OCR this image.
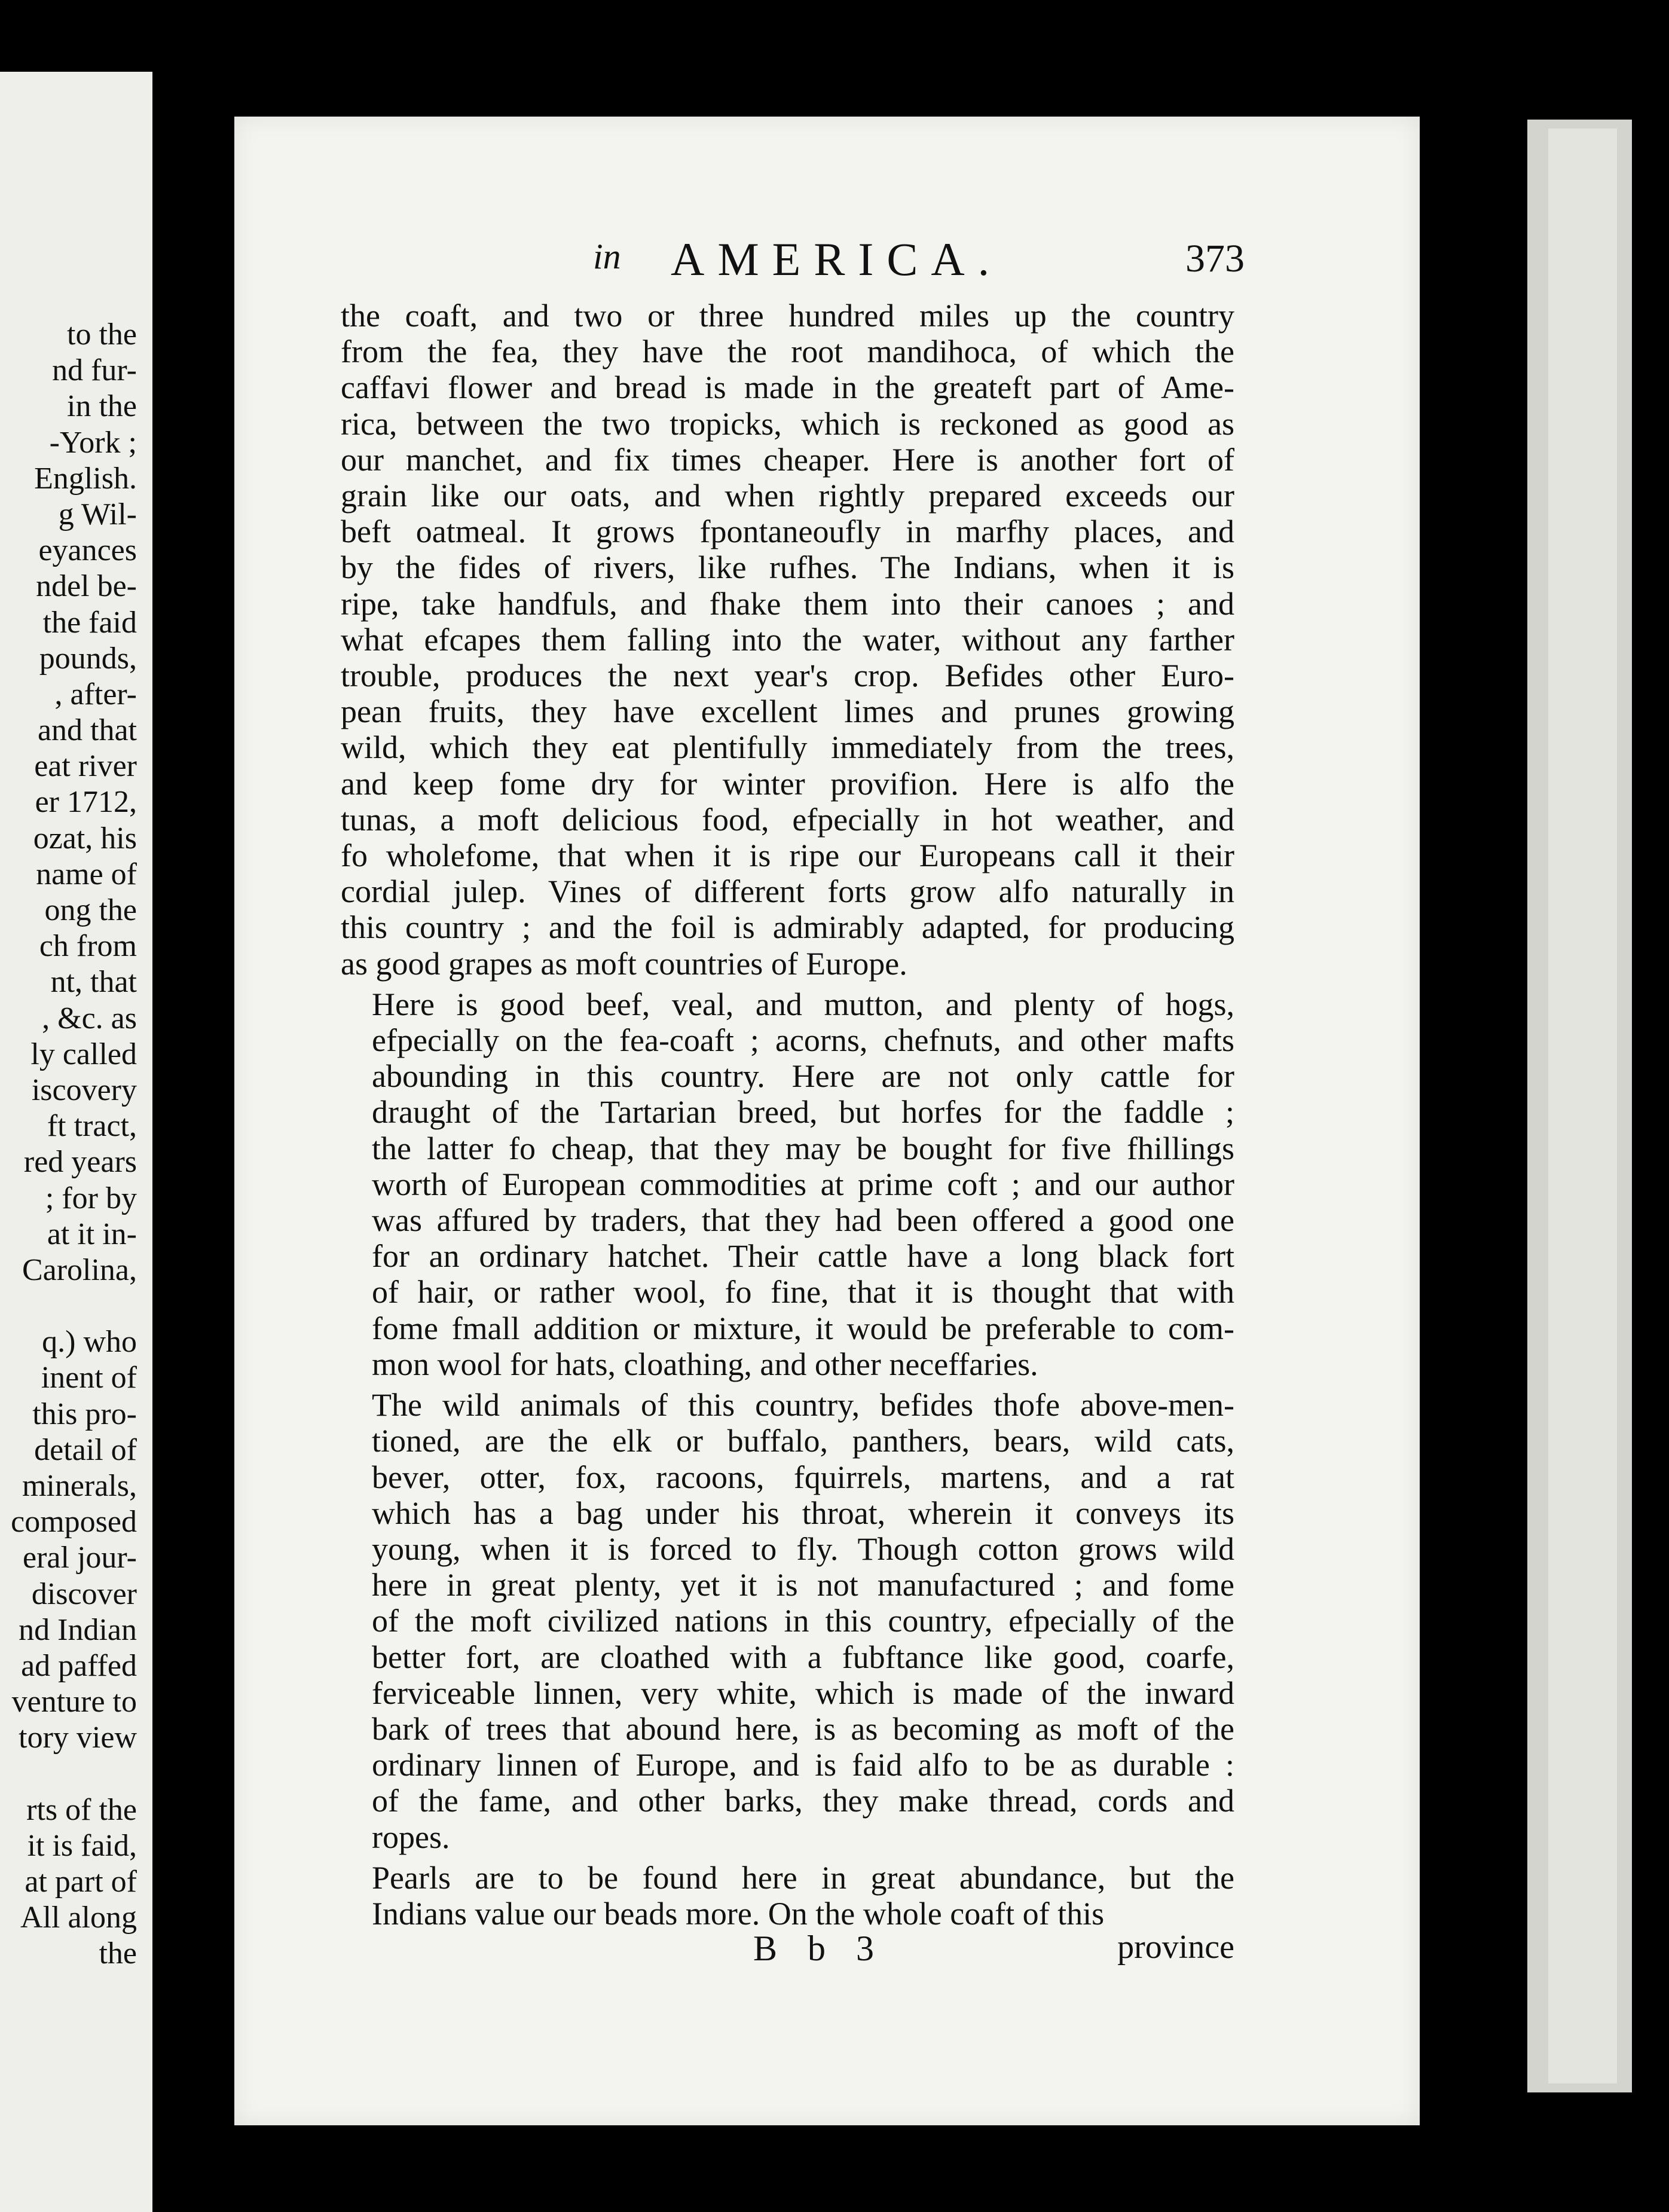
to the
nd fur-
in the
-York ;
English.
g Wil-
eyances
ndel be-
the faid
pounds,
, after-
and that
eat river
er 1712,
ozat, his
name of
ong the
ch from
nt, that
, &c. as
ly called
iscovery
ft tract,
red years
; for by
at it in-
Carolina,
q.) who
inent of
this pro-
detail of
minerals,
composed
eral jour-
discover
nd Indian
ad paffed
venture to
tory view
rts of the
it is faid,
at part of
All along
the
in AMERICA.	373

the coaft, and two or three hundred miles up the country
from the fea, they have the root mandihoca, of which the
caffavi flower and bread is made in the greateft part of Ame-
rica, between the two tropicks, which is reckoned as good as
our manchet, and fix times cheaper. Here is another fort of
grain like our oats, and when rightly prepared exceeds our
beft oatmeal. It grows fpontaneoufly in marfhy places, and
by the fides of rivers, like rufhes. The Indians, when it is
ripe, take handfuls, and fhake them into their canoes ; and
what efcapes them falling into the water, without any farther
trouble, produces the next year's crop. Befides other Euro-
pean fruits, they have excellent limes and prunes growing
wild, which they eat plentifully immediately from the trees,
and keep fome dry for winter provifion. Here is alfo the
tunas, a moft delicious food, efpecially in hot weather, and
fo wholefome, that when it is ripe our Europeans call it their
cordial julep. Vines of different forts grow alfo naturally in
this country ; and the foil is admirably adapted, for producing
as good grapes as moft countries of Europe.

Here is good beef, veal, and mutton, and plenty of hogs,
efpecially on the fea-coaft ; acorns, chefnuts, and other mafts
abounding in this country. Here are not only cattle for
draught of the Tartarian breed, but horfes for the faddle ;
the latter fo cheap, that they may be bought for five fhillings
worth of European commodities at prime coft ; and our author
was affured by traders, that they had been offered a good one
for an ordinary hatchet. Their cattle have a long black fort
of hair, or rather wool, fo fine, that it is thought that with
fome fmall addition or mixture, it would be preferable to com-
mon wool for hats, cloathing, and other neceffaries.

The wild animals of this country, befides thofe above-men-
tioned, are the elk or buffalo, panthers, bears, wild cats,
bever, otter, fox, racoons, fquirrels, martens, and a rat
which has a bag under his throat, wherein it conveys its
young, when it is forced to fly. Though cotton grows wild
here in great plenty, yet it is not manufactured ; and fome
of the moft civilized nations in this country, efpecially of the
better fort, are cloathed with a fubftance like good, coarfe,
ferviceable linnen, very white, which is made of the inward
bark of trees that abound here, is as becoming as moft of the
ordinary linnen of Europe, and is faid alfo to be as durable :
of the fame, and other barks, they make thread, cords and
ropes.

Pearls are to be found here in great abundance, but the
Indians value our beads more. On the whole coaft of this

B b 3	province
